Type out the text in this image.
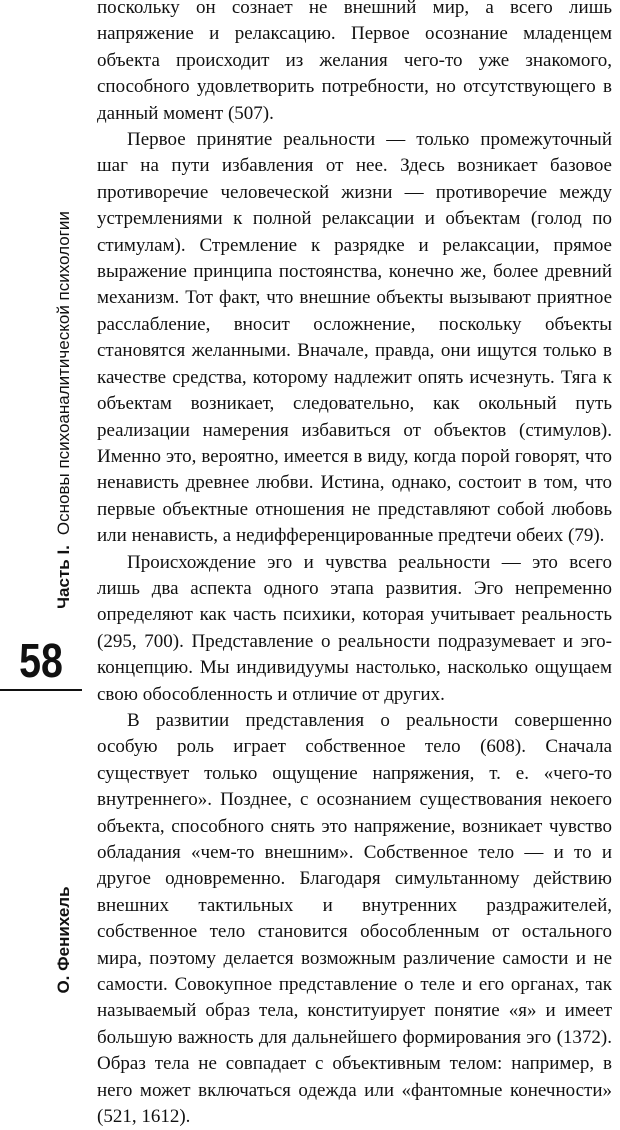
Часть I.Основы психоаналитической психологии
58
О. Фенихель

поскольку он сознает не внешний мир, а всего лишь напряжение и релаксацию. Первое осознание младенцем объекта происходит из желания чего-то уже знакомого, способного удовлетворить потребности, но отсутствующего в данный момент (507).

Первое принятие реальности — только промежуточный шаг на пути избавления от нее. Здесь возникает базовое противоречие человеческой жизни — противоречие между устремлениями к полной релаксации и объектам (голод по стимулам). Стремление к разрядке и релаксации, прямое выражение принципа постоянства, конечно же, более древний механизм. Тот факт, что внешние объекты вызывают приятное расслабление, вносит осложнение, поскольку объекты становятся желанными. Вначале, правда, они ищутся только в качестве средства, которому надлежит опять исчезнуть. Тяга к объектам возникает, следовательно, как окольный путь реализации намерения избавиться от объектов (стимулов). Именно это, вероятно, имеется в виду, когда порой говорят, что ненависть древнее любви. Истина, однако, состоит в том, что первые объектные отношения не представляют собой любовь или ненависть, а недифференцированные предтечи обеих (79).

Происхождение эго и чувства реальности — это всего лишь два аспекта одного этапа развития. Эго непременно определяют как часть психики, которая учитывает реальность (295, 700). Представление о реальности подразумевает и эго-концепцию. Мы индивидуумы настолько, насколько ощущаем свою обособленность и отличие от других.

В развитии представления о реальности совершенно особую роль играет собственное тело (608). Сначала существует только ощущение напряжения, т. е. «чего-то внутреннего». Позднее, с осознанием существования некоего объекта, способного снять это напряжение, возникает чувство обладания «чем-то внешним». Собственное тело — и то и другое одновременно. Благодаря симультанному действию внешних тактильных и внутренних раздражителей, собственное тело становится обособленным от остального мира, поэтому делается возможным различение самости и не самости. Совокупное представление о теле и его органах, так называемый образ тела, конституирует понятие «я» и имеет большую важность для дальнейшего формирования эго (1372). Образ тела не совпадает с объективным телом: например, в него может включаться одежда или «фантомные конечности» (521, 1612).
